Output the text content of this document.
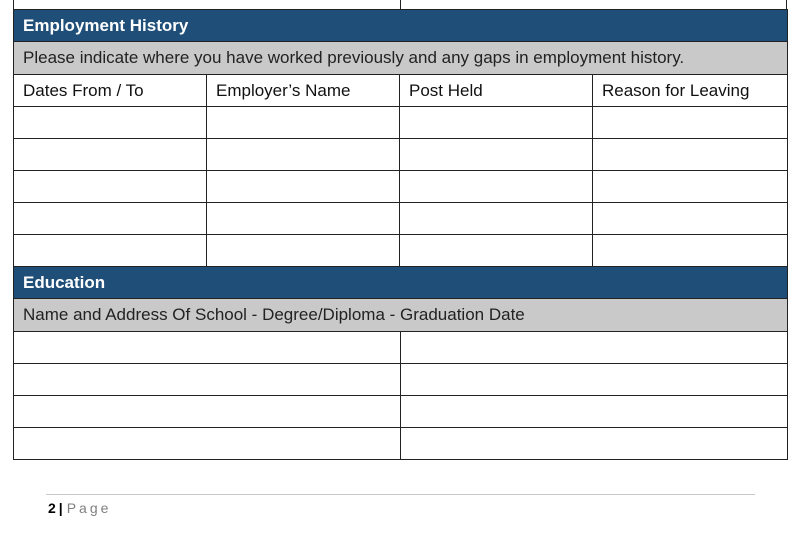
Employment History			
Please indicate where you have worked previously and any gaps in employment history.			
Dates From / To	Employer’s Name	Post Held	Reason for Leaving

Education	
Name and Address Of School - Degree/Diploma - Graduation Date	

2 | Page
